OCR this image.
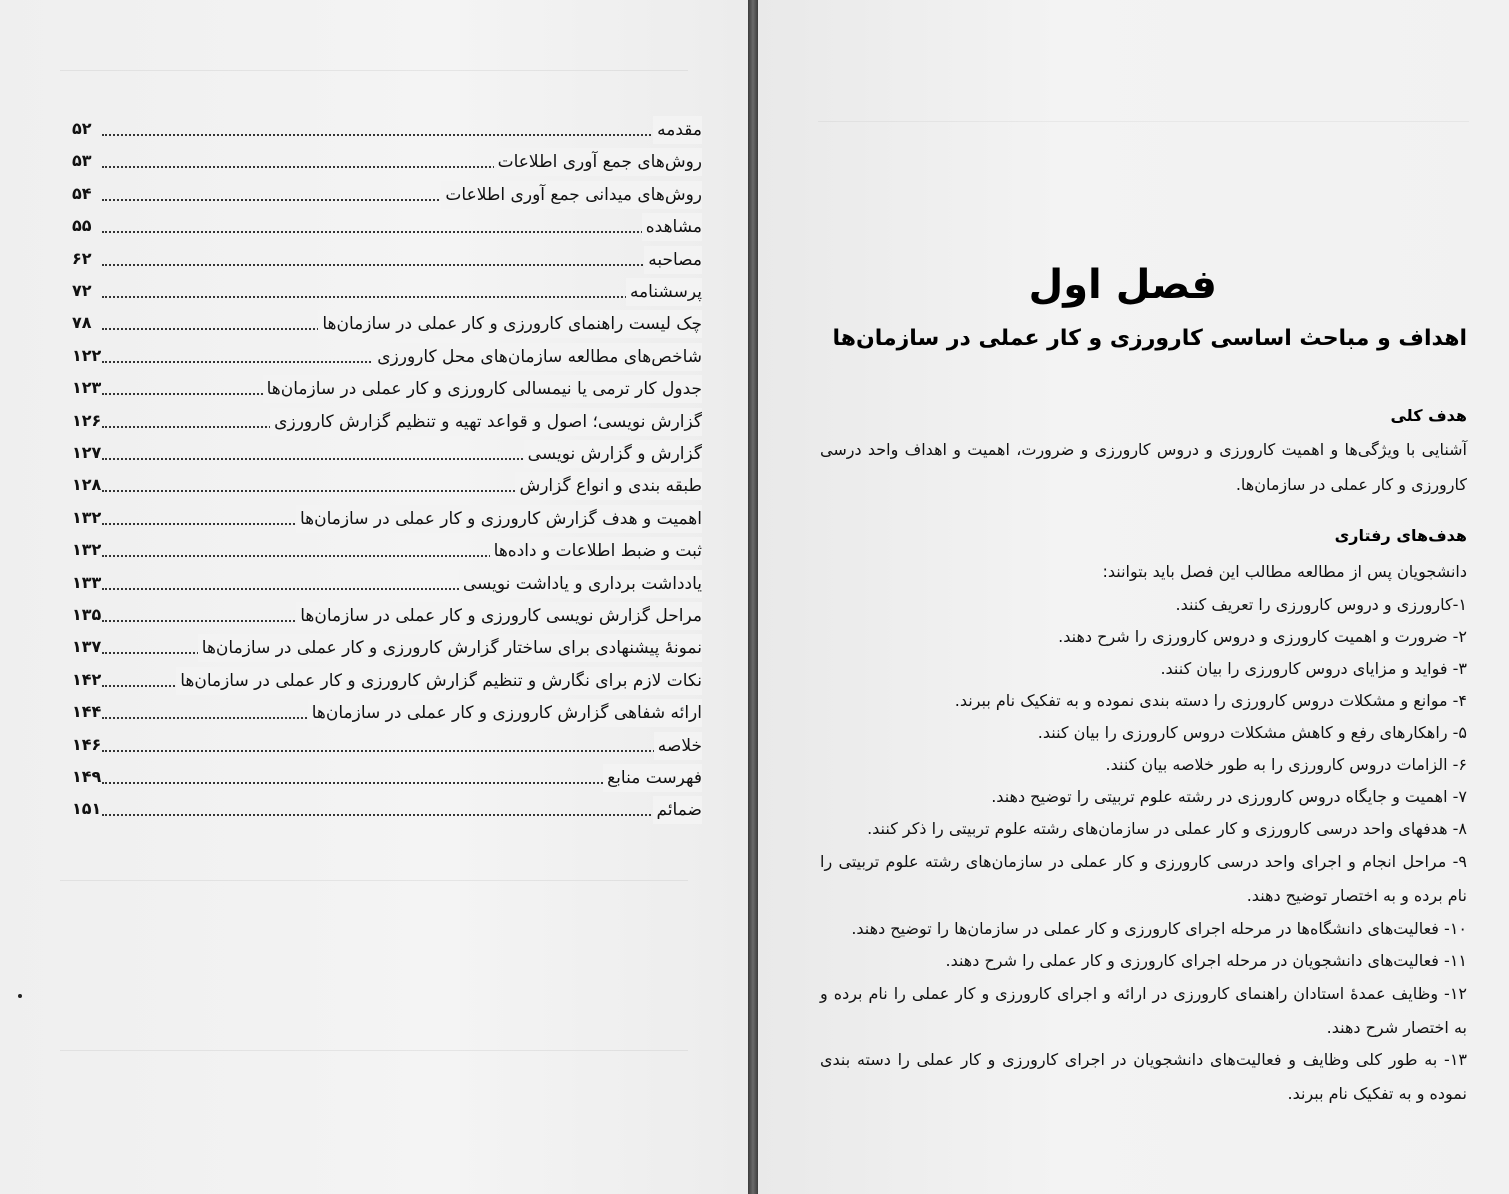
۵۲	مقدمه
۵۳	روش‌های جمع آوری اطلاعات
۵۴	روش‌های میدانی جمع آوری اطلاعات
۵۵	مشاهده
۶۲	مصاحبه
۷۲	پرسشنامه
۷۸	چک لیست راهنمای کارورزی و کار عملی در سازمان‌ها
۱۲۲	شاخص‌های مطالعه سازمان‌های محل کارورزی
۱۲۳	جدول کار ترمی یا نیمسالی کارورزی و کار عملی در سازمان‌ها
۱۲۶	گزارش نویسی؛ اصول و قواعد تهیه و تنظیم گزارش کارورزی
۱۲۷	گزارش و گزارش نویسی
۱۲۸	طبقه بندی و انواع گزارش
۱۳۲	اهمیت و هدف گزارش کارورزی و کار عملی در سازمان‌ها
۱۳۲	ثبت و ضبط اطلاعات و داده‌ها
۱۳۳	یادداشت برداری و یاداشت نویسی
۱۳۵	مراحل گزارش نویسی کارورزی و کار عملی در سازمان‌ها
۱۳۷	نمونهٔ پیشنهادی برای ساختار گزارش کارورزی و کار عملی در سازمان‌ها
۱۴۲	نکات لازم برای نگارش و تنظیم گزارش کارورزی و کار عملی در سازمان‌ها
۱۴۴	ارائه شفاهی گزارش کارورزی و کار عملی در سازمان‌ها
۱۴۶	خلاصه
۱۴۹	فهرست منابع
۱۵۱	ضمائم
فصل اول
اهداف و مباحث اساسی کارورزی و کار عملی در سازمان‌ها
هدف کلی
آشنایی با ویژگی‌ها و اهمیت کارورزی و دروس کارورزی و ضرورت، اهمیت و اهداف واحد درسی کارورزی و کار عملی در سازمان‌ها.
هدف‌های رفتاری
دانشجویان پس از مطالعه مطالب این فصل باید بتوانند:
۱-کارورزی و دروس کارورزی را تعریف کنند.
۲- ضرورت و اهمیت کارورزی و دروس کارورزی را شرح دهند.
۳- فواید و مزایای دروس کارورزی را بیان کنند.
۴- موانع و مشکلات دروس کارورزی را دسته بندی نموده و به تفکیک نام ببرند.
۵- راهکارهای رفع و کاهش مشکلات دروس کارورزی را بیان کنند.
۶- الزامات دروس کارورزی را به طور خلاصه بیان کنند.
۷- اهمیت و جایگاه دروس کارورزی در رشته علوم تربیتی را توضیح دهند.
۸- هدفهای واحد درسی کارورزی و کار عملی در سازمان‌های رشته علوم تربیتی را ذکر کنند.
۹- مراحل انجام و اجرای واحد درسی کارورزی و کار عملی در سازمان‌های رشته علوم تربیتی را نام برده و به اختصار توضیح دهند.
۱۰- فعالیت‌های دانشگاه‌ها در مرحله اجرای کارورزی و کار عملی در سازمان‌ها را توضیح دهند.
۱۱- فعالیت‌های دانشجویان در مرحله اجرای کارورزی و کار عملی را شرح دهند.
۱۲- وظایف عمدهٔ استادان راهنمای کارورزی در ارائه و اجرای کارورزی و کار عملی را نام برده و به اختصار شرح دهند.
۱۳- به طور کلی وظایف و فعالیت‌های دانشجویان در اجرای کارورزی و کار عملی را دسته بندی نموده و به تفکیک نام ببرند.
